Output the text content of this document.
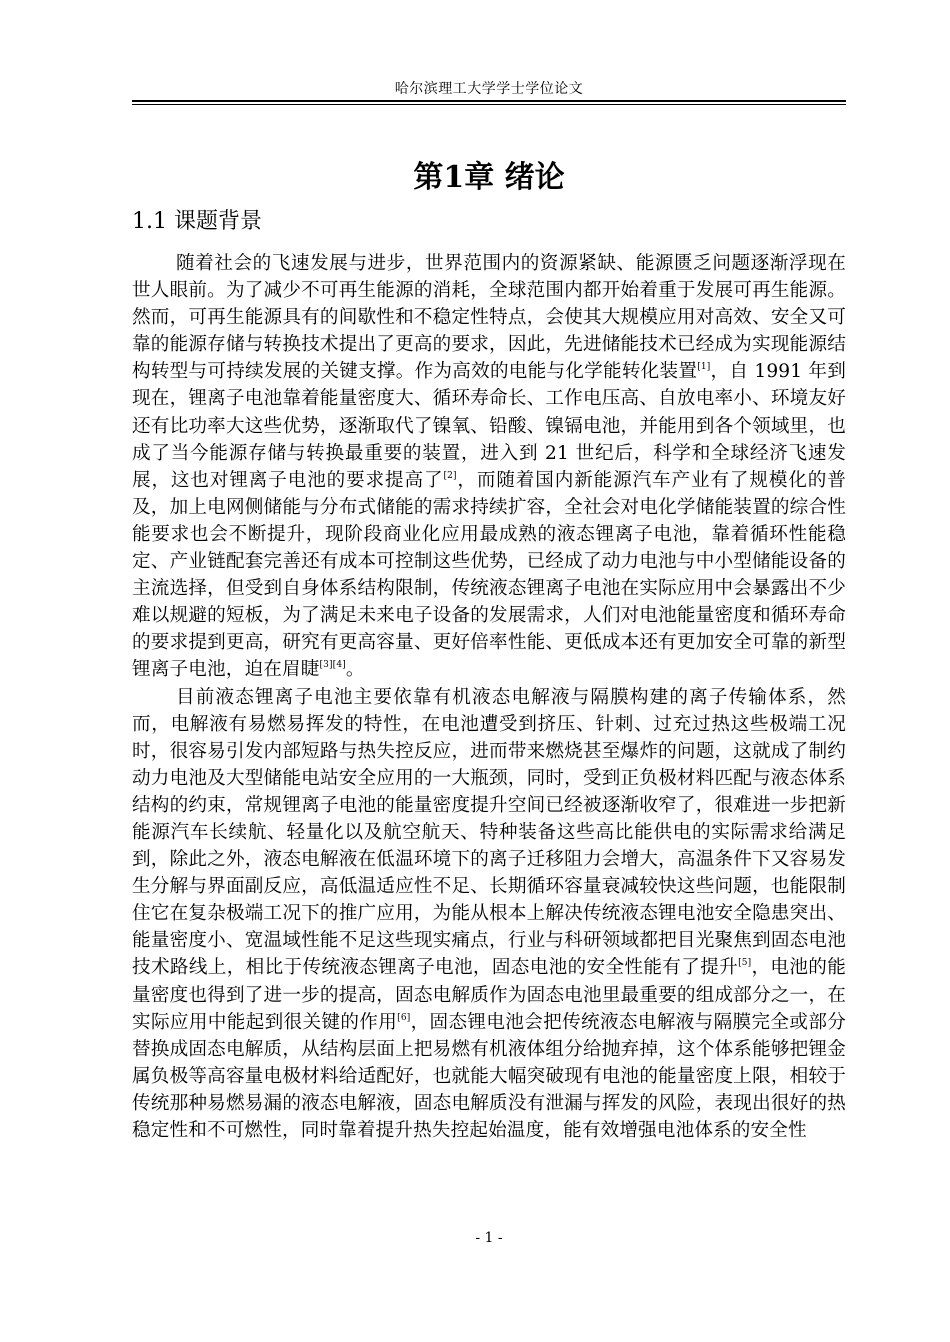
哈尔滨理工大学学士学位论文
第1章 绪论
1.1 课题背景

随着社会的飞速发展与进步，世界范围内的资源紧缺、能源匮乏问题逐渐浮现在世人眼前。为了减少不可再生能源的消耗，全球范围内都开始着重于发展可再生能源。然而，可再生能源具有的间歇性和不稳定性特点，会使其大规模应用对高效、安全又可靠的能源存储与转换技术提出了更高的要求，因此，先进储能技术已经成为实现能源结构转型与可持续发展的关键支撑。作为高效的电能与化学能转化装置[1]，自 1991 年到现在，锂离子电池靠着能量密度大、循环寿命长、工作电压高、自放电率小、环境友好还有比功率大这些优势，逐渐取代了镍氧、铅酸、镍镉电池，并能用到各个领域里，也成了当今能源存储与转换最重要的装置，进入到 21 世纪后，科学和全球经济飞速发展，这也对锂离子电池的要求提高了[2]，而随着国内新能源汽车产业有了规模化的普及，加上电网侧储能与分布式储能的需求持续扩容，全社会对电化学储能装置的综合性能要求也会不断提升，现阶段商业化应用最成熟的液态锂离子电池，靠着循环性能稳定、产业链配套完善还有成本可控制这些优势，已经成了动力电池与中小型储能设备的主流选择，但受到自身体系结构限制，传统液态锂离子电池在实际应用中会暴露出不少难以规避的短板，为了满足未来电子设备的发展需求，人们对电池能量密度和循环寿命的要求提到更高，研究有更高容量、更好倍率性能、更低成本还有更加安全可靠的新型锂离子电池，迫在眉睫[3][4]。

目前液态锂离子电池主要依靠有机液态电解液与隔膜构建的离子传输体系，然而，电解液有易燃易挥发的特性，在电池遭受到挤压、针刺、过充过热这些极端工况时，很容易引发内部短路与热失控反应，进而带来燃烧甚至爆炸的问题，这就成了制约动力电池及大型储能电站安全应用的一大瓶颈，同时，受到正负极材料匹配与液态体系结构的约束，常规锂离子电池的能量密度提升空间已经被逐渐收窄了，很难进一步把新能源汽车长续航、轻量化以及航空航天、特种装备这些高比能供电的实际需求给满足到，除此之外，液态电解液在低温环境下的离子迁移阻力会增大，高温条件下又容易发生分解与界面副反应，高低温适应性不足、长期循环容量衰减较快这些问题，也能限制住它在复杂极端工况下的推广应用，为能从根本上解决传统液态锂电池安全隐患突出、能量密度小、宽温域性能不足这些现实痛点，行业与科研领域都把目光聚焦到固态电池技术路线上，相比于传统液态锂离子电池，固态电池的安全性能有了提升[5]，电池的能量密度也得到了进一步的提高，固态电解质作为固态电池里最重要的组成部分之一，在实际应用中能起到很关键的作用[6]，固态锂电池会把传统液态电解液与隔膜完全或部分替换成固态电解质，从结构层面上把易燃有机液体组分给抛弃掉，这个体系能够把锂金属负极等高容量电极材料给适配好，也就能大幅突破现有电池的能量密度上限，相较于传统那种易燃易漏的液态电解液，固态电解质没有泄漏与挥发的风险，表现出很好的热稳定性和不可燃性，同时靠着提升热失控起始温度，能有效增强电池体系的安全性

- 1 -
